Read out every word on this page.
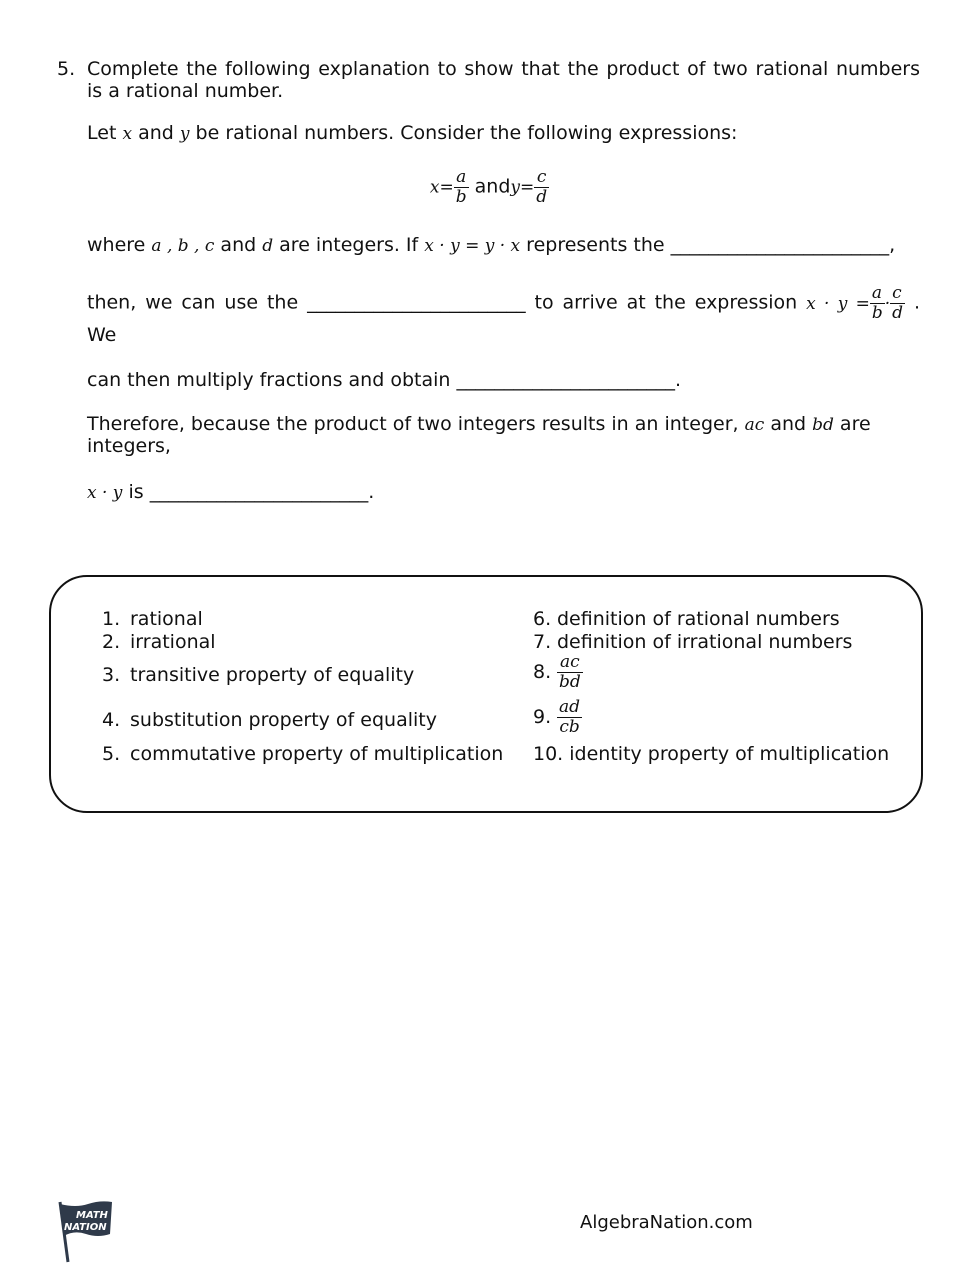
5. Complete the following explanation to show that the product of two rational numbers is a rational number.
Let x and y be rational numbers. Consider the following expressions:
$x= \frac{a}{b}$ andy= $\frac{c}{d}$
where a , b , c and d are integers. If x · y = y · x represents the _______________________,
then, we can use the _______________________ to arrive at the expression $x \cdot y = \frac{a}{b} \cdot \frac{c}{d}$ .
We
can then multiply fractions and obtain _______________________.
Therefore, because the product of two integers results in an integer, ac and bd are
integers,
x · y is _______________________.
1. rational
2. irrational
3. transitive property of equality
4. substitution property of equality
5. commutative property of multiplication
6. definition of rational numbers
7. definition of irrational numbers
8. $\frac{ac}{bd}$
9. $\frac{ad}{cb}$
10. identity property of multiplication
MATH
NATION	AlgebraNation.com
